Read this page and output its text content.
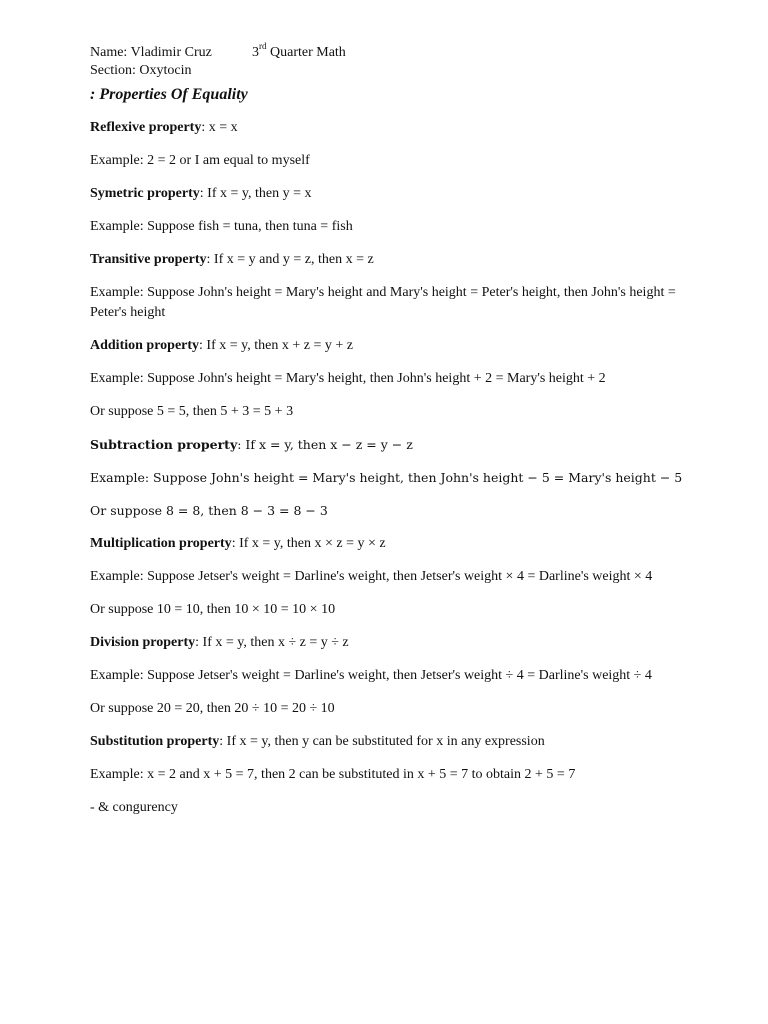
Name: Vladimir Cruz	3rd Quarter Math
Section: Oxytocin
: Properties Of Equality
Reflexive property: x = x
Example: 2 = 2 or I am equal to myself
Symetric property: If x = y, then y = x
Example: Suppose fish = tuna, then tuna = fish
Transitive property: If x = y and y = z, then x = z
Example: Suppose John's height = Mary's height and Mary's height = Peter's height, then John's height = Peter's height
Addition property: If x = y, then x + z = y + z
Example: Suppose John's height = Mary's height, then John's height + 2 = Mary's height + 2
Or suppose 5 = 5, then 5 + 3 = 5 + 3
Subtraction property: If x = y, then x − z = y − z
Example: Suppose John's height = Mary's height, then John's height − 5 = Mary's height − 5
Or suppose 8 = 8, then 8 − 3 = 8 − 3
Multiplication property: If x = y, then x × z = y × z
Example: Suppose Jetser's weight = Darline's weight, then Jetser's weight × 4 = Darline's weight × 4
Or suppose 10 = 10, then 10 × 10 = 10 × 10
Division property: If x = y, then x ÷ z = y ÷ z
Example: Suppose Jetser's weight = Darline's weight, then Jetser's weight ÷ 4 = Darline's weight ÷ 4
Or suppose 20 = 20, then 20 ÷ 10 = 20 ÷ 10
Substitution property: If x = y, then y can be substituted for x in any expression
Example: x = 2 and x + 5 = 7, then 2 can be substituted in x + 5 = 7 to obtain 2 + 5 = 7
- & congurency
